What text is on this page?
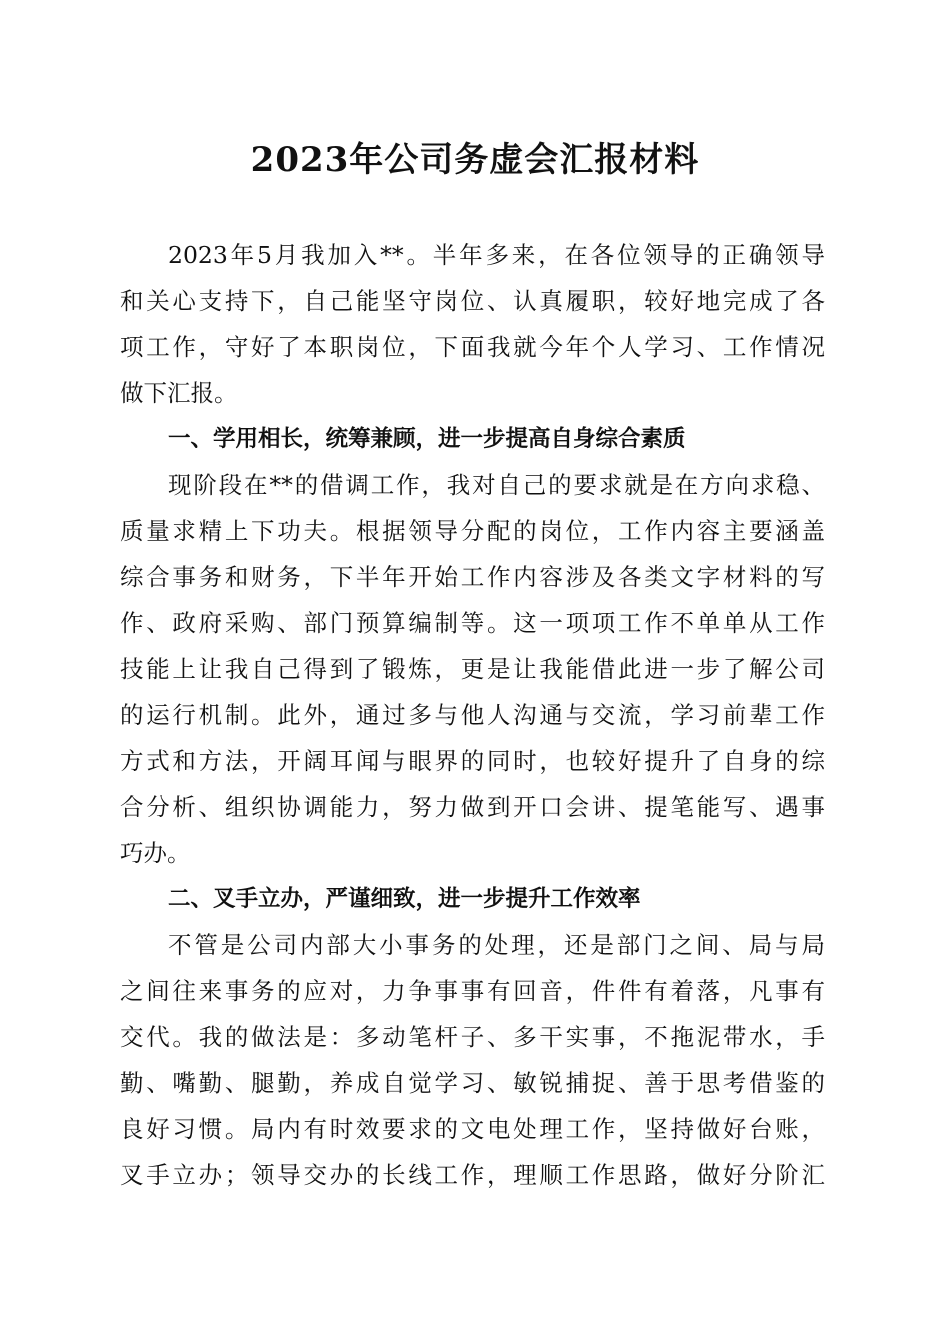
2023年公司务虚会汇报材料
2023年5月我加入**。半年多来，在各位领导的正确领导
和关心支持下，自己能坚守岗位、认真履职，较好地完成了各
项工作，守好了本职岗位，下面我就今年个人学习、工作情况
做下汇报。
一、学用相长，统筹兼顾，进一步提高自身综合素质
现阶段在**的借调工作，我对自己的要求就是在方向求稳、
质量求精上下功夫。根据领导分配的岗位，工作内容主要涵盖
综合事务和财务，下半年开始工作内容涉及各类文字材料的写
作、政府采购、部门预算编制等。这一项项工作不单单从工作
技能上让我自己得到了锻炼，更是让我能借此进一步了解公司
的运行机制。此外，通过多与他人沟通与交流，学习前辈工作
方式和方法，开阔耳闻与眼界的同时，也较好提升了自身的综
合分析、组织协调能力，努力做到开口会讲、提笔能写、遇事
巧办。
二、叉手立办，严谨细致，进一步提升工作效率
不管是公司内部大小事务的处理，还是部门之间、局与局
之间往来事务的应对，力争事事有回音，件件有着落，凡事有
交代。我的做法是：多动笔杆子、多干实事，不拖泥带水，手
勤、嘴勤、腿勤，养成自觉学习、敏锐捕捉、善于思考借鉴的
良好习惯。局内有时效要求的文电处理工作，坚持做好台账，
叉手立办；领导交办的长线工作，理顺工作思路，做好分阶汇
